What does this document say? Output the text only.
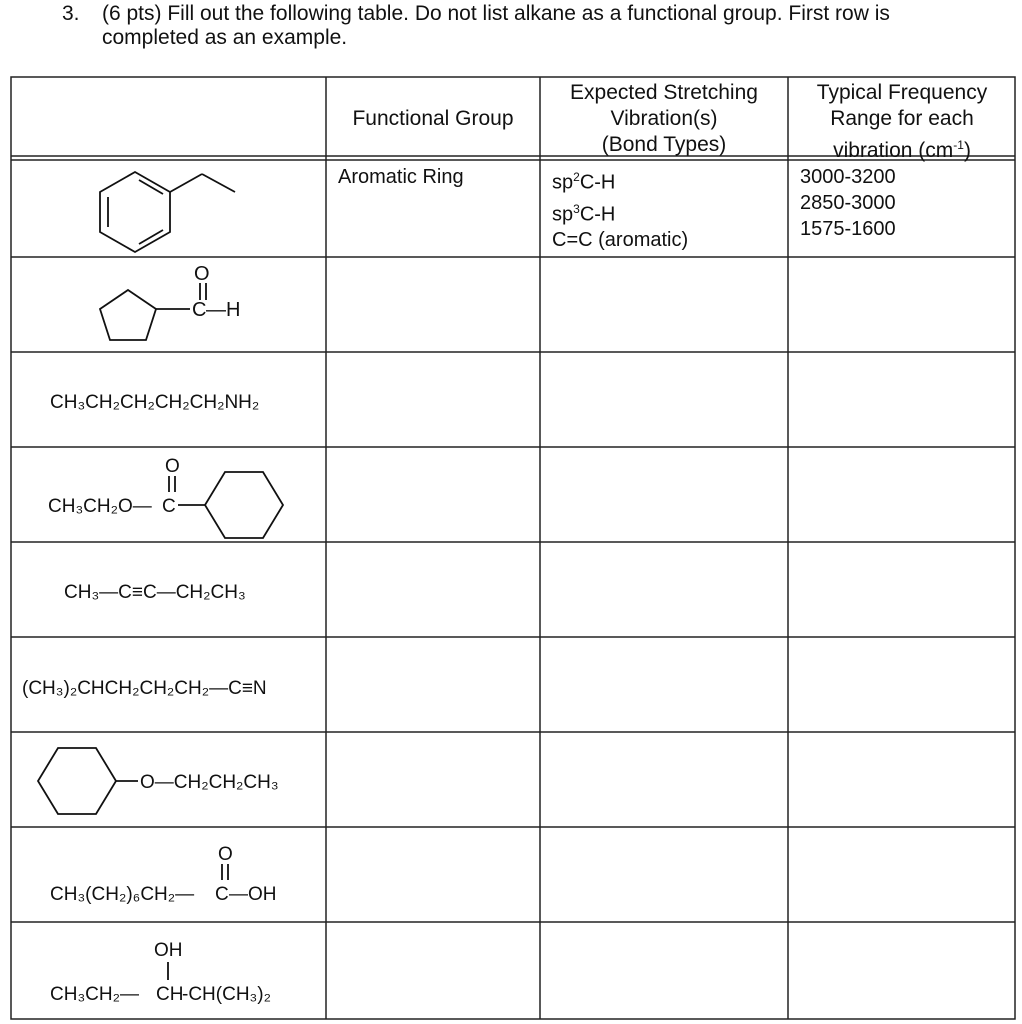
3. (6 pts) Fill out the following table. Do not list alkane as a functional group. First row is
completed as an example.
Functional Group
Expected Stretching
Vibration(s)
(Bond Types)
Typical Frequency
Range for each
vibration $(cm^{-1})$
Aromatic Ring	$sp^2C-H$
$sp^3C-H$
C=C (aromatic)
3000-3200
2850-3000
1575-1600
O
C —H
CH₃CH₂CH₂CH₂CH₂NH₂
CH₃CH₂O— C
O
CH₃—C≡C—CH₂CH₃
(CH₃)₂CHCH₂CH₂CH₂—C≡N
O—CH₂CH₂CH₃
CH₃(CH₂)₆CH₂— C
O
—OH
OH
CH₃CH₂— CH
-CH(CH₃)₂
